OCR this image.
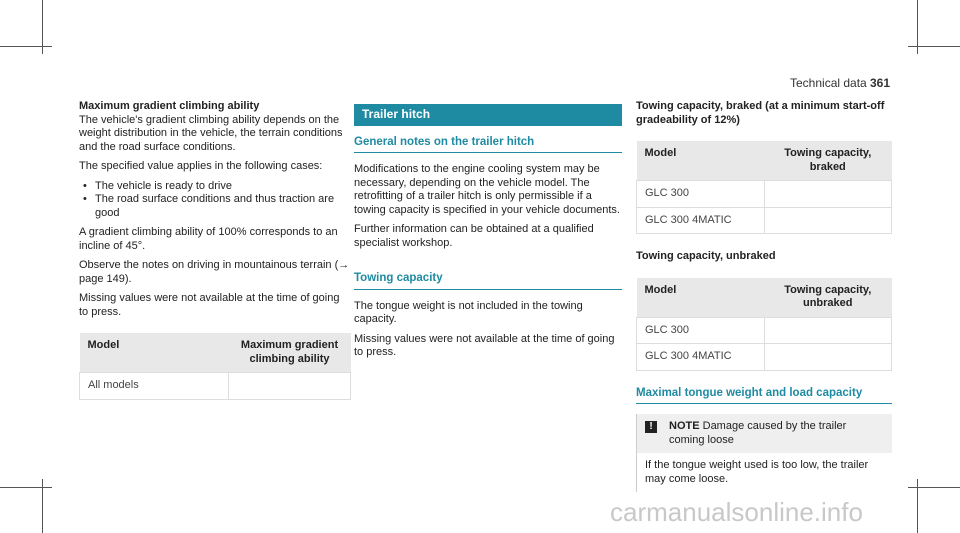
Technical data 361

Maximum gradient climbing ability

The vehicle's gradient climbing ability depends on the weight distribution in the vehicle, the terrain conditions and the road surface conditions.

The specified value applies in the following cases:

• The vehicle is ready to drive
• The road surface conditions and thus traction are good

A gradient climbing ability of 100% corresponds to an incline of 45°.

Observe the notes on driving in mountainous terrain (→ page 149).

Missing values were not available at the time of going to press.

Model	Maximum gradient climbing ability
All models	
Trailer hitch
General notes on the trailer hitch

Modifications to the engine cooling system may be necessary, depending on the vehicle model. The retrofitting of a trailer hitch is only permissible if a towing capacity is specified in your vehicle documents.

Further information can be obtained at a qualified specialist workshop.

Towing capacity

The tongue weight is not included in the towing capacity.

Missing values were not available at the time of going to press.

Towing capacity, braked (at a minimum start-off gradeability of 12%)

Model	Towing capacity, braked
GLC 300	
GLC 300 4MATIC	

Towing capacity, unbraked

Model	Towing capacity, unbraked
GLC 300	
GLC 300 4MATIC	
Maximal tongue weight and load capacity
!	NOTE Damage caused by the trailer coming loose
If the tongue weight used is too low, the trailer may come loose.
carmanualsonline.info
